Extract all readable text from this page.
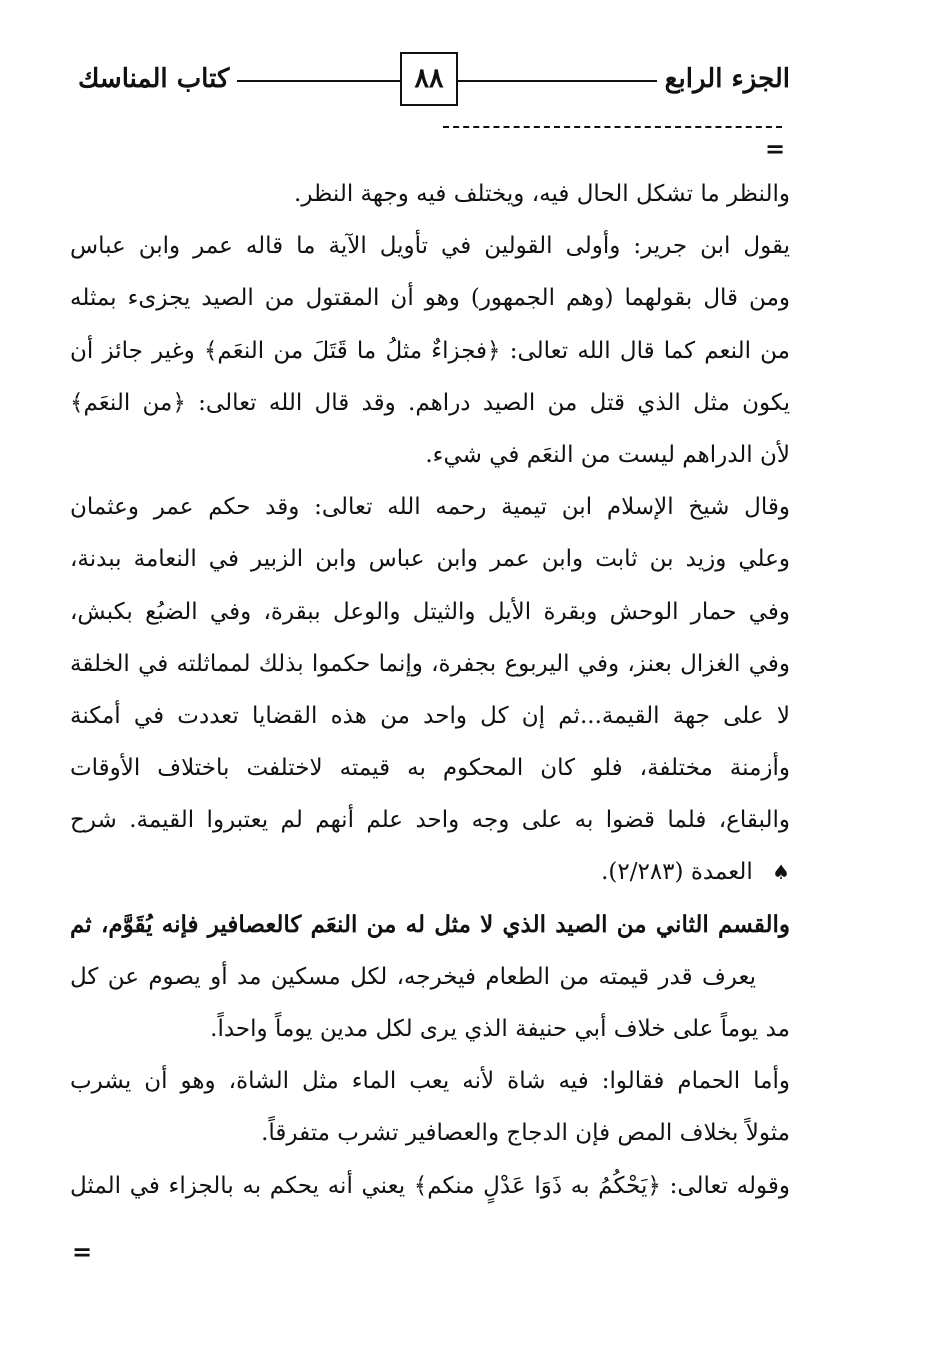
الجزء الرابع
كتاب المناسك	٨٨
=
والنظر ما تشكل الحال فيه، ويختلف فيه وجهة النظر.
يقول ابن جرير: وأولى القولين في تأويل الآية ما قاله عمر وابن عباس
ومن قال بقولهما (وهم الجمهور) وهو أن المقتول من الصيد يجزىء بمثله
من النعم كما قال الله تعالى: ﴿فجزاءٌ مثلُ ما قَتَلَ من النعَم﴾ وغير جائز أن
يكون مثل الذي قتل من الصيد دراهم. وقد قال الله تعالى: ﴿من النعَم﴾
لأن الدراهم ليست من النعَم في شيء.
وقال شيخ الإسلام ابن تيمية رحمه الله تعالى: وقد حكم عمر وعثمان
وعلي وزيد بن ثابت وابن عمر وابن عباس وابن الزبير في النعامة ببدنة،
وفي حمار الوحش وبقرة الأيل والثيتل والوعل ببقرة، وفي الضبُع بكبش،
وفي الغزال بعنز، وفي اليربوع بجفرة، وإنما حكموا بذلك لمماثلته في الخلقة
لا على جهة القيمة...ثم إن كل واحد من هذه القضايا تعددت في أمكنة
وأزمنة مختلفة، فلو كان المحكوم به قيمته لاختلفت باختلاف الأوقات
والبقاع، فلما قضوا به على وجه واحد علم أنهم لم يعتبروا القيمة. شرح
♠ العمدة (٢/٢٨٣).
والقسم الثاني من الصيد الذي لا مثل له من النعَم كالعصافير فإنه يُقَوَّم، ثم
يعرف قدر قيمته من الطعام فيخرجه، لكل مسكين مد أو يصوم عن كل
مد يوماً على خلاف أبي حنيفة الذي يرى لكل مدين يوماً واحداً.
وأما الحمام فقالوا: فيه شاة لأنه يعب الماء مثل الشاة، وهو أن يشرب
مثولاً بخلاف المص فإن الدجاج والعصافير تشرب متفرقاً.
وقوله تعالى: ﴿يَحْكُمُ به ذَوَا عَدْلٍ منكم﴾ يعني أنه يحكم به بالجزاء في المثل
=
